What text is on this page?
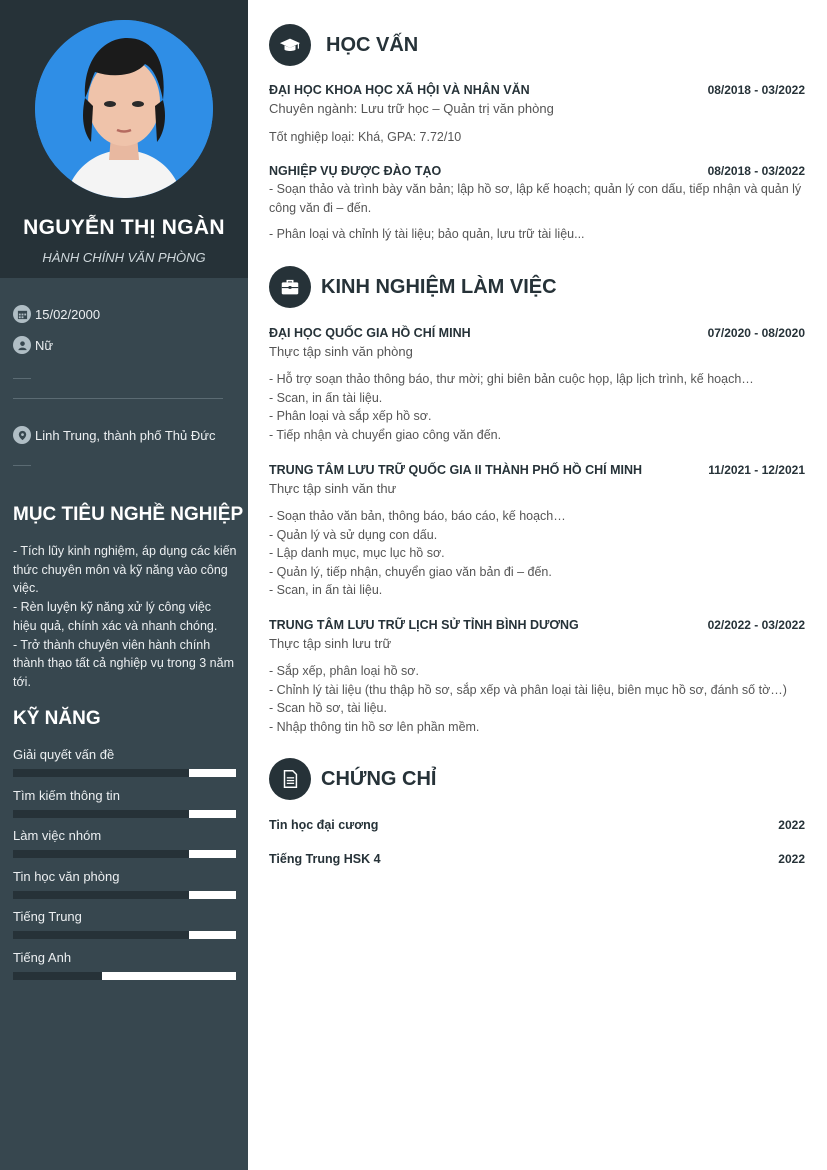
NGUYỄN THỊ NGÀN
HÀNH CHÍNH VĂN PHÒNG
15/02/2000
Nữ
Linh Trung, thành phố Thủ Đức
MỤC TIÊU NGHỀ NGHIỆP

- Tích lũy kinh nghiệm, áp dụng các kiến thức chuyên môn và kỹ năng vào công việc.

- Rèn luyện kỹ năng xử lý công việc hiệu quả, chính xác và nhanh chóng.

- Trở thành chuyên viên hành chính thành thạo tất cả nghiệp vụ trong 3 năm tới.

KỸ NĂNG
Giải quyết vấn đề
Tìm kiếm thông tin
Làm việc nhóm
Tin học văn phòng
Tiếng Trung
Tiếng Anh
HỌC VẤN
ĐẠI HỌC KHOA HỌC XÃ HỘI VÀ NHÂN VĂN	08/2018 - 03/2022
Chuyên ngành: Lưu trữ học – Quản trị văn phòng

Tốt nghiệp loại: Khá, GPA: 7.72/10

NGHIỆP VỤ ĐƯỢC ĐÀO TẠO	08/2018 - 03/2022

- Soạn thảo và trình bày văn bản; lập hồ sơ, lập kế hoạch; quản lý con dấu, tiếp nhận và quản lý công văn đi – đến.

- Phân loại và chỉnh lý tài liệu; bảo quản, lưu trữ tài liệu...

KINH NGHIỆM LÀM VIỆC
ĐẠI HỌC QUỐC GIA HỒ CHÍ MINH	07/2020 - 08/2020
Thực tập sinh văn phòng

- Hỗ trợ soạn thảo thông báo, thư mời; ghi biên bản cuộc họp, lập lịch trình, kế hoạch…

- Scan, in ấn tài liệu.

- Phân loại và sắp xếp hồ sơ.

- Tiếp nhận và chuyển giao công văn đến.

TRUNG TÂM LƯU TRỮ QUỐC GIA II THÀNH PHỐ HỒ CHÍ MINH	11/2021 - 12/2021
Thực tập sinh văn thư

- Soạn thảo văn bản, thông báo, báo cáo, kế hoạch…

- Quản lý và sử dụng con dấu.

- Lập danh mục, mục lục hồ sơ.

- Quản lý, tiếp nhận, chuyển giao văn bản đi – đến.

- Scan, in ấn tài liệu.

TRUNG TÂM LƯU TRỮ LỊCH SỬ TỈNH BÌNH DƯƠNG	02/2022 - 03/2022
Thực tập sinh lưu trữ

- Sắp xếp, phân loại hồ sơ.

- Chỉnh lý tài liệu (thu thập hồ sơ, sắp xếp và phân loại tài liệu, biên mục hồ sơ, đánh số tờ…)

- Scan hồ sơ, tài liệu.

- Nhập thông tin hồ sơ lên phần mềm.

CHỨNG CHỈ
Tin học đại cương	2022
Tiếng Trung HSK 4	2022
